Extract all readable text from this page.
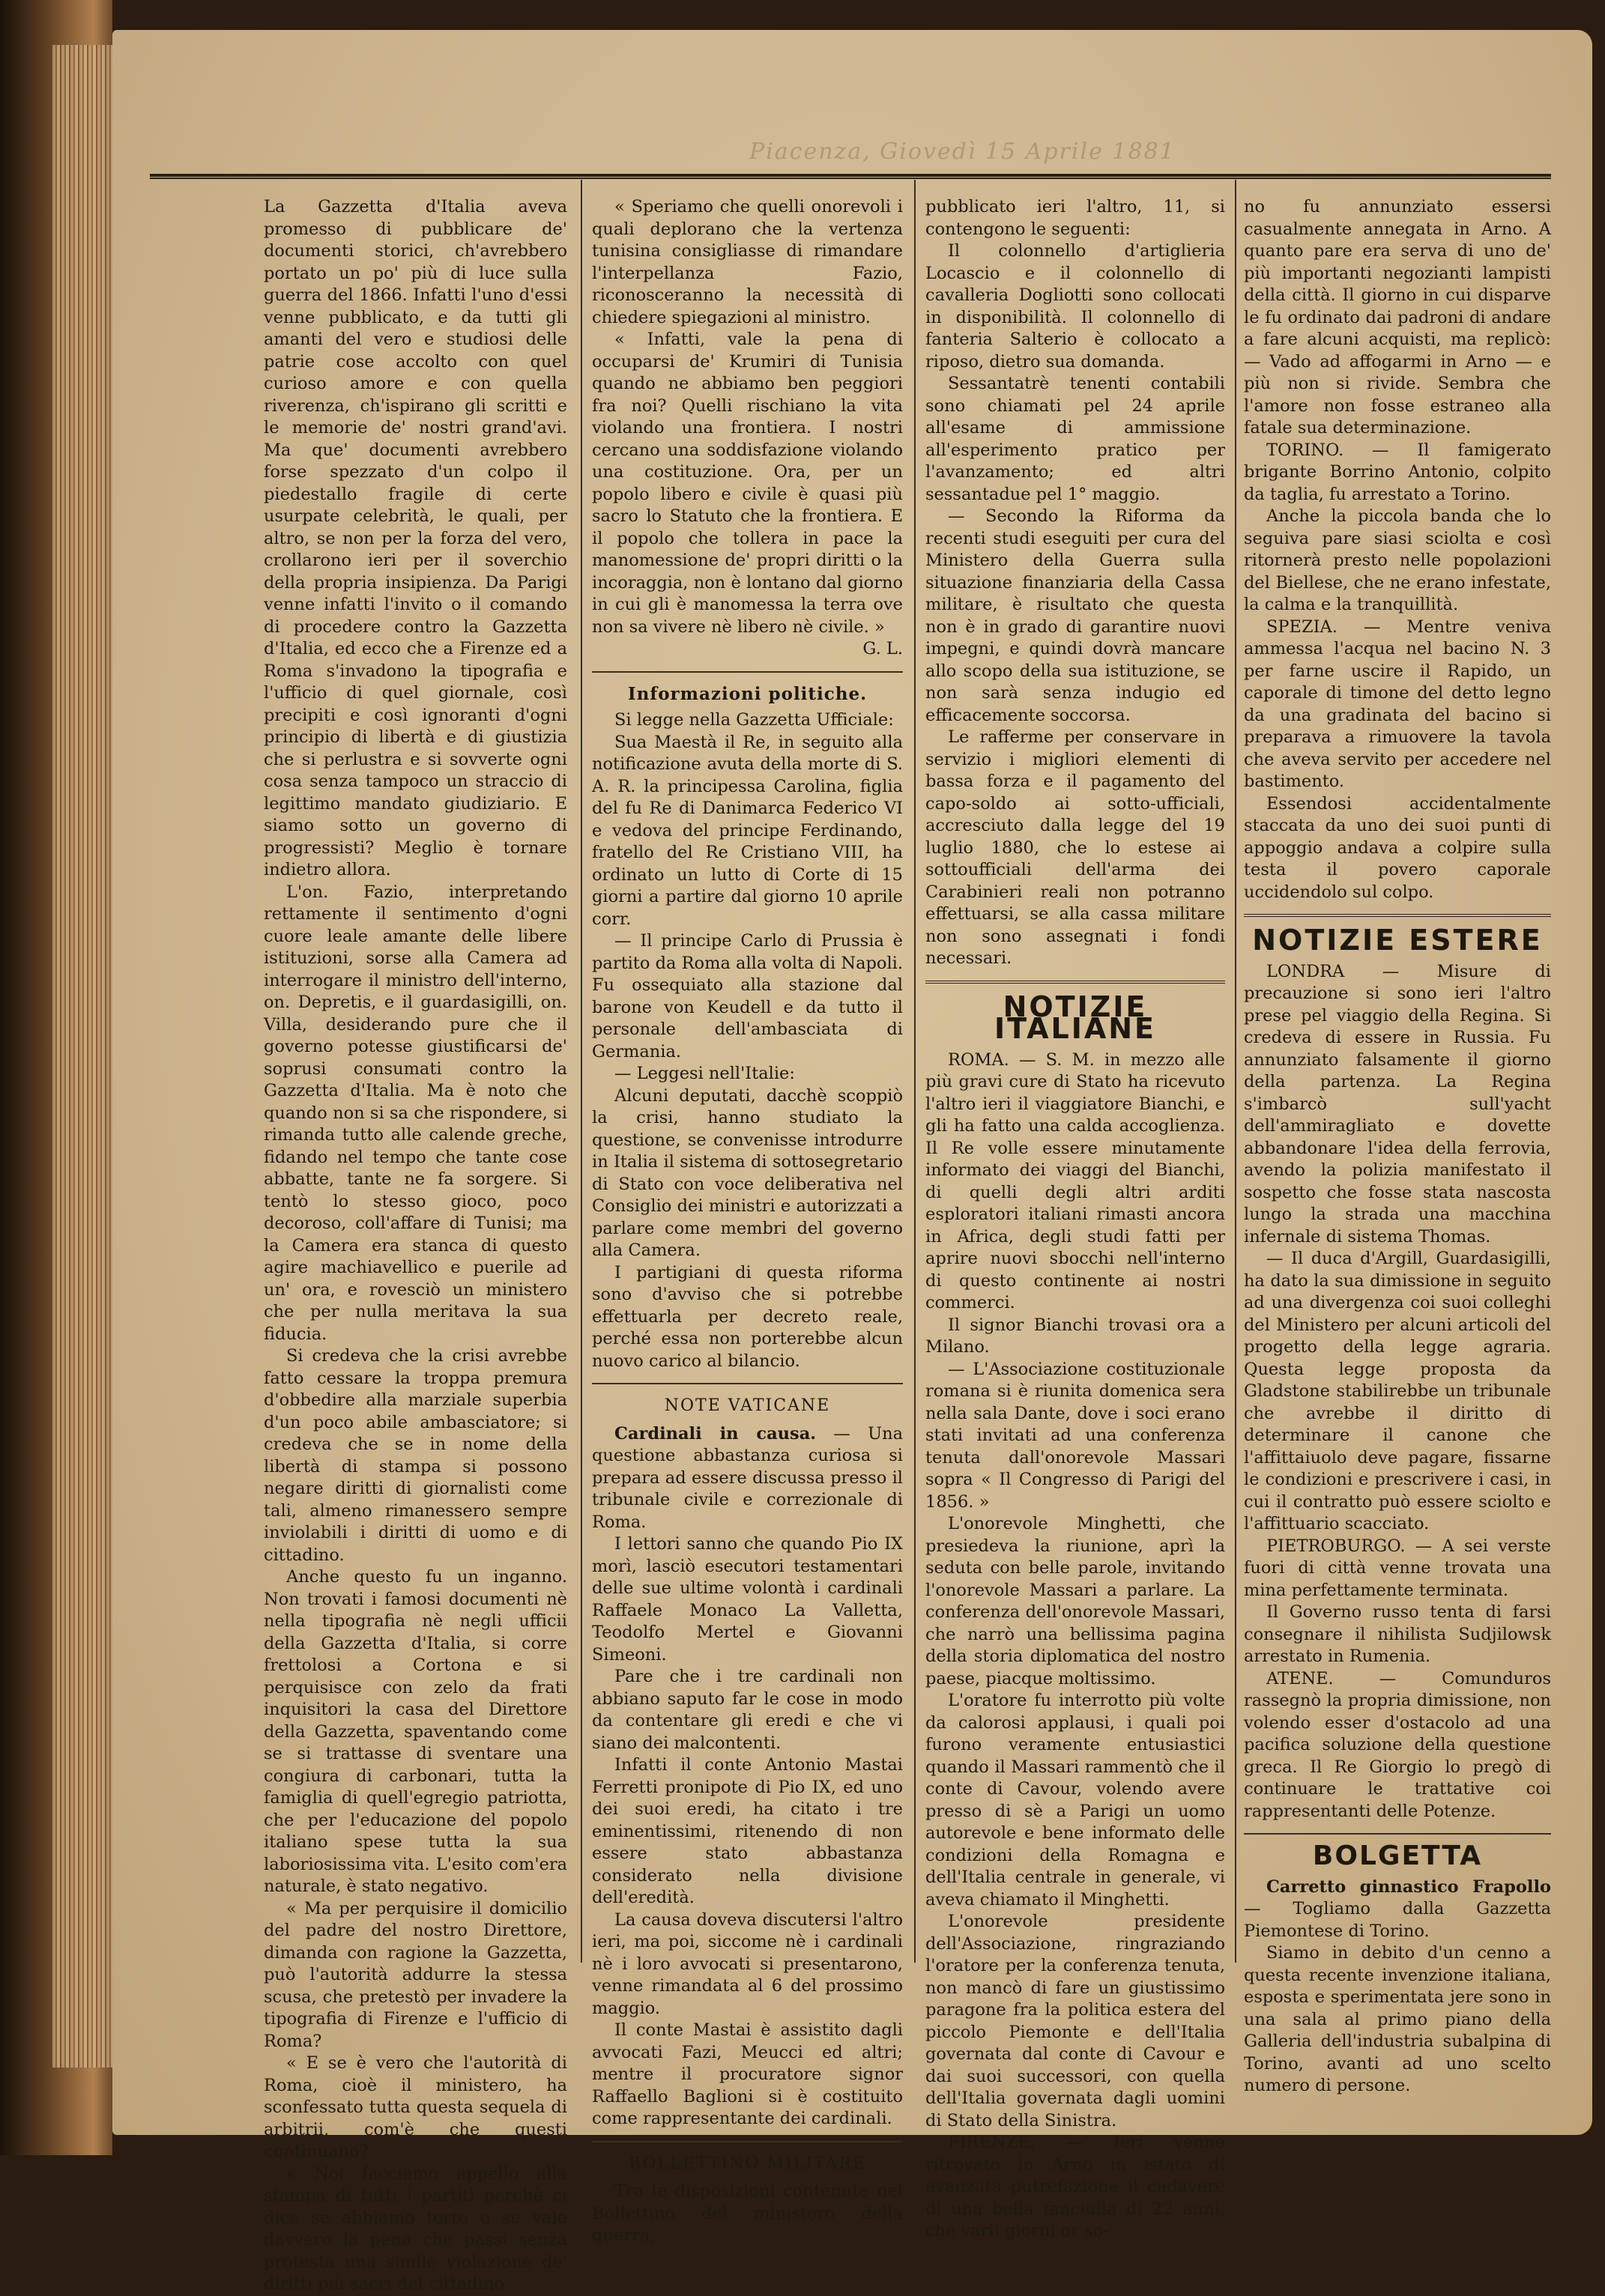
Piacenza, Giovedì 15 Aprile 1881

La Gazzetta d'Italia aveva promesso di pubblicare de' documenti storici, ch'avrebbero portato un po' più di luce sulla guerra del 1866. Infatti l'uno d'essi venne pubblicato, e da tutti gli amanti del vero e studiosi delle patrie cose accolto con quel curioso amore e con quella riverenza, ch'ispirano gli scritti e le memorie de' nostri grand'avi. Ma que' documenti avrebbero forse spezzato d'un colpo il piedestallo fragile di certe usurpate celebrità, le quali, per altro, se non per la forza del vero, crollarono ieri per il soverchio della propria insipienza. Da Parigi venne infatti l'invito o il comando di procedere contro la Gazzetta d'Italia, ed ecco che a Firenze ed a Roma s'invadono la tipografia e l'ufficio di quel giornale, così precipiti e così ignoranti d'ogni principio di libertà e di giustizia che si perlustra e si sovverte ogni cosa senza tampoco un straccio di legittimo mandato giudiziario. E siamo sotto un governo di progressisti? Meglio è tornare indietro allora.

L'on. Fazio, interpretando rettamente il sentimento d'ogni cuore leale amante delle libere istituzioni, sorse alla Camera ad interrogare il ministro dell'interno, on. Depretis, e il guardasigilli, on. Villa, desiderando pure che il governo potesse giustificarsi de' soprusi consumati contro la Gazzetta d'Italia. Ma è noto che quando non si sa che rispondere, si rimanda tutto alle calende greche, fidando nel tempo che tante cose abbatte, tante ne fa sorgere. Si tentò lo stesso gioco, poco decoroso, coll'affare di Tunisi; ma la Camera era stanca di questo agire machiavellico e puerile ad un' ora, e rovesciò un ministero che per nulla meritava la sua fiducia.

Si credeva che la crisi avrebbe fatto cessare la troppa premura d'obbedire alla marziale superbia d'un poco abile ambasciatore; si credeva che se in nome della libertà di stampa si possono negare diritti di giornalisti come tali, almeno rimanessero sempre inviolabili i diritti di uomo e di cittadino.

Anche questo fu un inganno. Non trovati i famosi documenti nè nella tipografia nè negli ufficii della Gazzetta d'Italia, si corre frettolosi a Cortona e si perquisisce con zelo da frati inquisitori la casa del Direttore della Gazzetta, spaventando come se si trattasse di sventare una congiura di carbonari, tutta la famiglia di quell'egregio patriotta, che per l'educazione del popolo italiano spese tutta la sua laboriosissima vita. L'esito com'era naturale, è stato negativo.

« Ma per perquisire il domicilio del padre del nostro Direttore, dimanda con ragione la Gazzetta, può l'autorità addurre la stessa scusa, che pretestò per invadere la tipografia di Firenze e l'ufficio di Roma?

« E se è vero che l'autorità di Roma, cioè il ministero, ha sconfessato tutta questa sequela di arbitrii, com'è che questi continuano?

« Noi facciamo appello alla stampa di tutti i partiti perchè ci dica se abbiamo torto o se vale davvero la pena che passi senza protesta una simile violazione de' diritti più sacri del cittadino.

« Speriamo che quelli onorevoli i quali deplorano che la vertenza tunisina consigliasse di rimandare l'interpellanza Fazio, riconosceranno la necessità di chiedere spiegazioni al ministro.

« Infatti, vale la pena di occuparsi de' Krumiri di Tunisia quando ne abbiamo ben peggiori fra noi? Quelli rischiano la vita violando una frontiera. I nostri cercano una soddisfazione violando una costituzione. Ora, per un popolo libero e civile è quasi più sacro lo Statuto che la frontiera. E il popolo che tollera in pace la manomessione de' propri diritti o la incoraggia, non è lontano dal giorno in cui gli è manomessa la terra ove non sa vivere nè libero nè civile. »

G. L.
Informazioni politiche.

Si legge nella Gazzetta Ufficiale:

Sua Maestà il Re, in seguito alla notificazione avuta della morte di S. A. R. la principessa Carolina, figlia del fu Re di Danimarca Federico VI e vedova del principe Ferdinando, fratello del Re Cristiano VIII, ha ordinato un lutto di Corte di 15 giorni a partire dal giorno 10 aprile corr.

— Il principe Carlo di Prussia è partito da Roma alla volta di Napoli. Fu ossequiato alla stazione dal barone von Keudell e da tutto il personale dell'ambasciata di Germania.

— Leggesi nell'Italie:

Alcuni deputati, dacchè scoppiò la crisi, hanno studiato la questione, se convenisse introdurre in Italia il sistema di sottosegretario di Stato con voce deliberativa nel Consiglio dei ministri e autorizzati a parlare come membri del governo alla Camera.

I partigiani di questa riforma sono d'avviso che si potrebbe effettuarla per decreto reale, perché essa non porterebbe alcun nuovo carico al bilancio.

NOTE VATICANE

Cardinali in causa. — Una questione abbastanza curiosa si prepara ad essere discussa presso il tribunale civile e correzionale di Roma.

I lettori sanno che quando Pio IX morì, lasciò esecutori testamentari delle sue ultime volontà i cardinali Raffaele Monaco La Valletta, Teodolfo Mertel e Giovanni Simeoni.

Pare che i tre cardinali non abbiano saputo far le cose in modo da contentare gli eredi e che vi siano dei malcontenti.

Infatti il conte Antonio Mastai Ferretti pronipote di Pio IX, ed uno dei suoi eredi, ha citato i tre eminentissimi, ritenendo di non essere stato abbastanza considerato nella divisione dell'eredità.

La causa doveva discutersi l'altro ieri, ma poi, siccome nè i cardinali nè i loro avvocati si presentarono, venne rimandata al 6 del prossimo maggio.

Il conte Mastai è assistito dagli avvocati Fazi, Meucci ed altri; mentre il procuratore signor Raffaello Baglioni si è costituito come rappresentante dei cardinali.

BOLLETTINO MILITARE

Tra le disposizioni contenute nel Bollettino del ministero della guerra,

pubblicato ieri l'altro, 11, si contengono le seguenti:

Il colonnello d'artiglieria Locascio e il colonnello di cavalleria Dogliotti sono collocati in disponibilità. Il colonnello di fanteria Salterio è collocato a riposo, dietro sua domanda.

Sessantatrè tenenti contabili sono chiamati pel 24 aprile all'esame di ammissione all'esperimento pratico per l'avanzamento; ed altri sessantadue pel 1° maggio.

— Secondo la Riforma da recenti studi eseguiti per cura del Ministero della Guerra sulla situazione finanziaria della Cassa militare, è risultato che questa non è in grado di garantire nuovi impegni, e quindi dovrà mancare allo scopo della sua istituzione, se non sarà senza indugio ed efficacemente soccorsa.

Le rafferme per conservare in servizio i migliori elementi di bassa forza e il pagamento del capo-soldo ai sotto-ufficiali, accresciuto dalla legge del 19 luglio 1880, che lo estese ai sottoufficiali dell'arma dei Carabinieri reali non potranno effettuarsi, se alla cassa militare non sono assegnati i fondi necessari.

NOTIZIE ITALIANE

ROMA. — S. M. in mezzo alle più gravi cure di Stato ha ricevuto l'altro ieri il viaggiatore Bianchi, e gli ha fatto una calda accoglienza. Il Re volle essere minutamente informato dei viaggi del Bianchi, di quelli degli altri arditi esploratori italiani rimasti ancora in Africa, degli studi fatti per aprire nuovi sbocchi nell'interno di questo continente ai nostri commerci.

Il signor Bianchi trovasi ora a Milano.

— L'Associazione costituzionale romana si è riunita domenica sera nella sala Dante, dove i soci erano stati invitati ad una conferenza tenuta dall'onorevole Massari sopra « Il Congresso di Parigi del 1856. »

L'onorevole Minghetti, che presiedeva la riunione, aprì la seduta con belle parole, invitando l'onorevole Massari a parlare. La conferenza dell'onorevole Massari, che narrò una bellissima pagina della storia diplomatica del nostro paese, piacque moltissimo.

L'oratore fu interrotto più volte da calorosi applausi, i quali poi furono veramente entusiastici quando il Massari rammentò che il conte di Cavour, volendo avere presso di sè a Parigi un uomo autorevole e bene informato delle condizioni della Romagna e dell'Italia centrale in generale, vi aveva chiamato il Minghetti.

L'onorevole presidente dell'Associazione, ringraziando l'oratore per la conferenza tenuta, non mancò di fare un giustissimo paragone fra la politica estera del piccolo Piemonte e dell'Italia governata dal conte di Cavour e dai suoi successori, con quella dell'Italia governata dagli uomini di Stato della Sinistra.

FIRENZE. — Ieri venne ritrovato in Arno in istato di avanzata putrefazione il cadavere di una bella fanciulla di 22 anni, che varii giorni or so-

no fu annunziato essersi casualmente annegata in Arno. A quanto pare era serva di uno de' più importanti negozianti lampisti della città. Il giorno in cui disparve le fu ordinato dai padroni di andare a fare alcuni acquisti, ma replicò: — Vado ad affogarmi in Arno — e più non si rivide. Sembra che l'amore non fosse estraneo alla fatale sua determinazione.

TORINO. — Il famigerato brigante Borrino Antonio, colpito da taglia, fu arrestato a Torino.

Anche la piccola banda che lo seguiva pare siasi sciolta e così ritornerà presto nelle popolazioni del Biellese, che ne erano infestate, la calma e la tranquillità.

SPEZIA. — Mentre veniva ammessa l'acqua nel bacino N. 3 per farne uscire il Rapido, un caporale di timone del detto legno da una gradinata del bacino si preparava a rimuovere la tavola che aveva servito per accedere nel bastimento.

Essendosi accidentalmente staccata da uno dei suoi punti di appoggio andava a colpire sulla testa il povero caporale uccidendolo sul colpo.

NOTIZIE ESTERE

LONDRA — Misure di precauzione si sono ieri l'altro prese pel viaggio della Regina. Si credeva di essere in Russia. Fu annunziato falsamente il giorno della partenza. La Regina s'imbarcò sull'yacht dell'ammiragliato e dovette abbandonare l'idea della ferrovia, avendo la polizia manifestato il sospetto che fosse stata nascosta lungo la strada una macchina infernale di sistema Thomas.

— Il duca d'Argill, Guardasigilli, ha dato la sua dimissione in seguito ad una divergenza coi suoi colleghi del Ministero per alcuni articoli del progetto della legge agraria. Questa legge proposta da Gladstone stabilirebbe un tribunale che avrebbe il diritto di determinare il canone che l'affittaiuolo deve pagare, fissarne le condizioni e prescrivere i casi, in cui il contratto può essere sciolto e l'affittuario scacciato.

PIETROBURGO. — A sei verste fuori di città venne trovata una mina perfettamente terminata.

Il Governo russo tenta di farsi consegnare il nihilista Sudjilowsk arrestato in Rumenia.

ATENE. — Comunduros rassegnò la propria dimissione, non volendo esser d'ostacolo ad una pacifica soluzione della questione greca. Il Re Giorgio lo pregò di continuare le trattative coi rappresentanti delle Potenze.

BOLGETTA

Carretto ginnastico Frapollo — Togliamo dalla Gazzetta Piemontese di Torino.

Siamo in debito d'un cenno a questa recente invenzione italiana, esposta e sperimentata jere sono in una sala al primo piano della Galleria dell'industria subalpina di Torino, avanti ad uno scelto numero di persone.
